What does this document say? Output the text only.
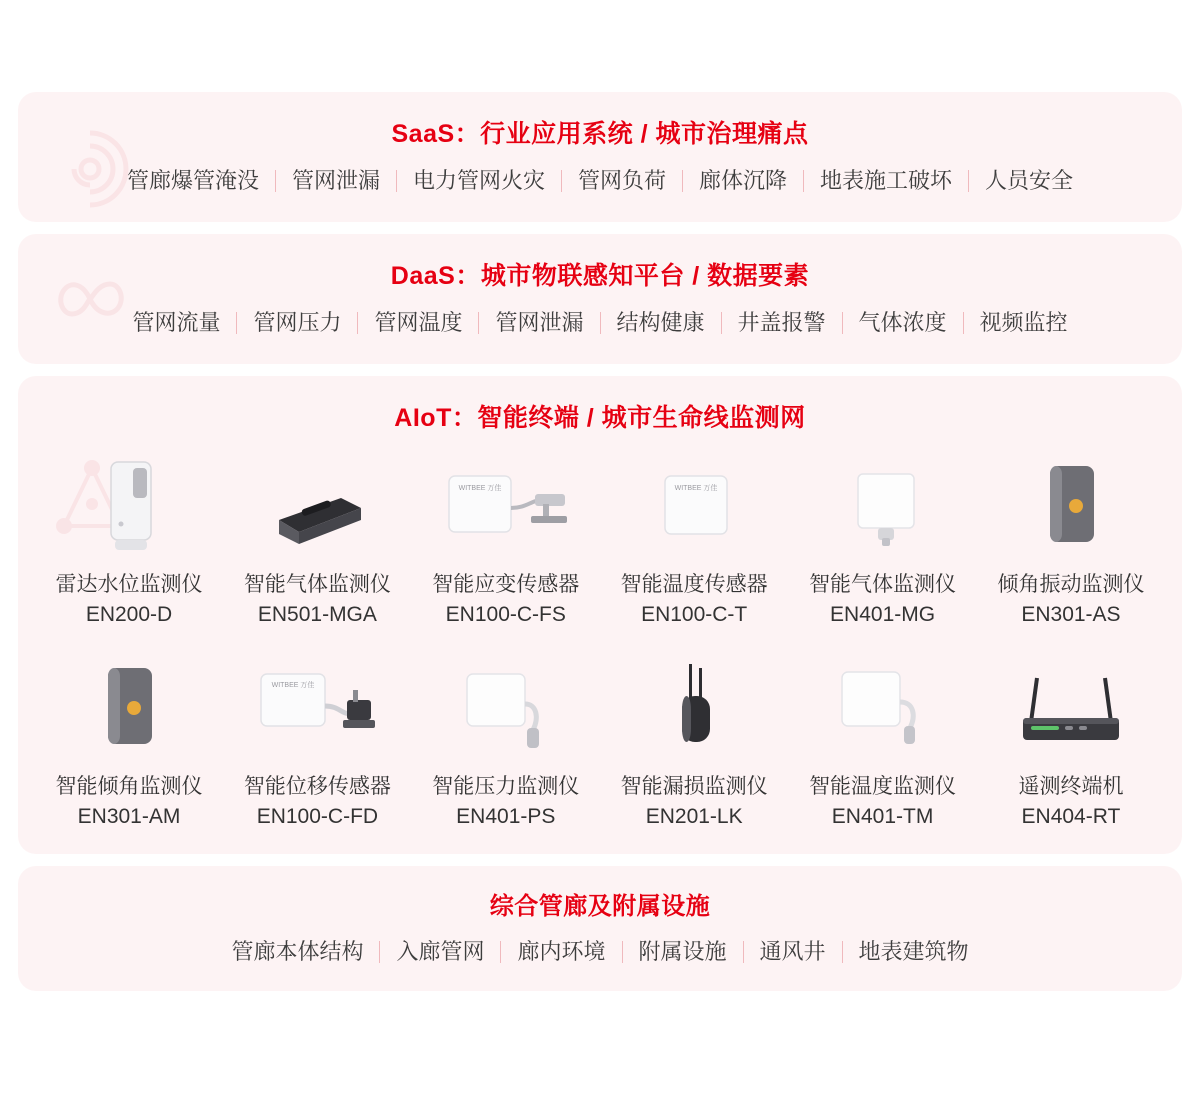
SaaS：行业应用系统 / 城市治理痛点
管廊爆管淹没	管网泄漏	电力管网火灾	管网负荷	廊体沉降	地表施工破坏	人员安全
DaaS：城市物联感知平台 / 数据要素
管网流量	管网压力	管网温度	管网泄漏	结构健康	井盖报警	气体浓度	视频监控
AIoT：智能终端 / 城市生命线监测网
雷达水位监测仪
EN200-D
智能气体监测仪
EN501-MGA
WITBEE 万佳
智能应变传感器
EN100-C-FS
WITBEE 万佳
智能温度传感器
EN100-C-T
智能气体监测仪
EN401-MG
倾角振动监测仪
EN301-AS
智能倾角监测仪
EN301-AM
WITBEE 万佳
智能位移传感器
EN100-C-FD
智能压力监测仪
EN401-PS
智能漏损监测仪
EN201-LK
智能温度监测仪
EN401-TM
遥测终端机
EN404-RT
综合管廊及附属设施
管廊本体结构	入廊管网	廊内环境	附属设施	通风井	地表建筑物
